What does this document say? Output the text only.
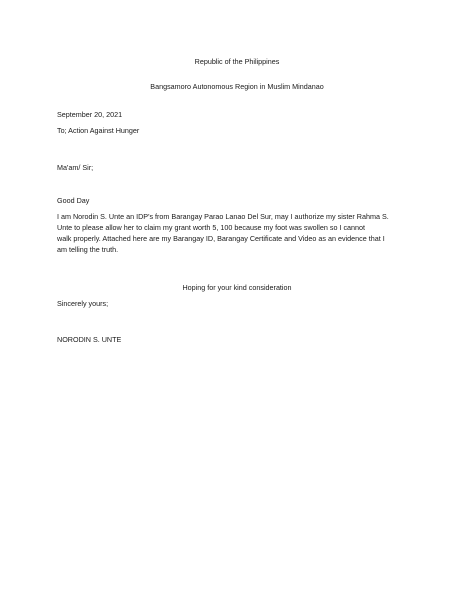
Republic of the Philippines

Bangsamoro Autonomous Region in Muslim Mindanao

September 20, 2021

To; Action Against Hunger

Ma'am/ Sir;

Good Day

I am Norodin S. Unte an IDP's from Barangay Parao Lanao Del Sur, may I authorize my sister Rahma S.
Unte to please allow her to claim my grant worth 5, 100 because my foot was swollen so I cannot
walk properly. Attached here are my Barangay ID, Barangay Certificate and Video as an evidence that I
am telling the truth.

Hoping for your kind consideration

Sincerely yours;

NORODIN S. UNTE
